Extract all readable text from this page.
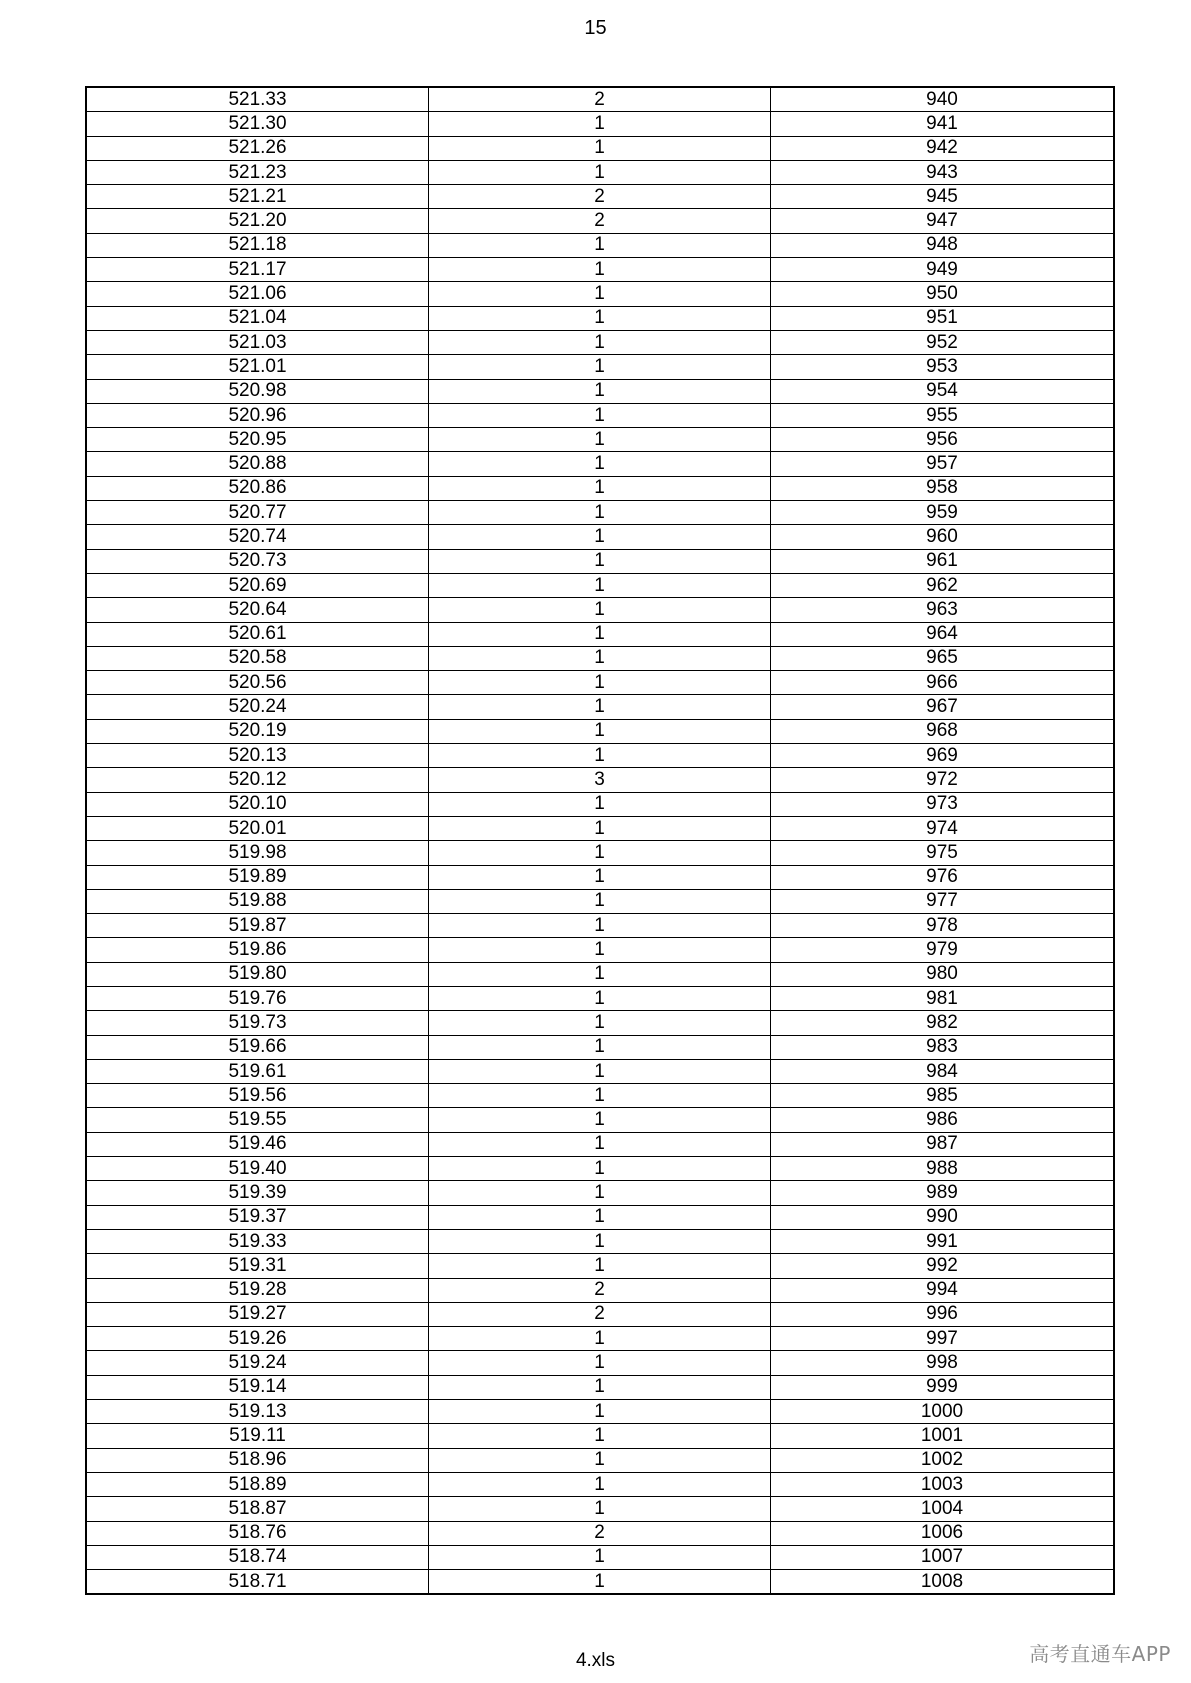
15
521.33	2	940
521.30	1	941
521.26	1	942
521.23	1	943
521.21	2	945
521.20	2	947
521.18	1	948
521.17	1	949
521.06	1	950
521.04	1	951
521.03	1	952
521.01	1	953
520.98	1	954
520.96	1	955
520.95	1	956
520.88	1	957
520.86	1	958
520.77	1	959
520.74	1	960
520.73	1	961
520.69	1	962
520.64	1	963
520.61	1	964
520.58	1	965
520.56	1	966
520.24	1	967
520.19	1	968
520.13	1	969
520.12	3	972
520.10	1	973
520.01	1	974
519.98	1	975
519.89	1	976
519.88	1	977
519.87	1	978
519.86	1	979
519.80	1	980
519.76	1	981
519.73	1	982
519.66	1	983
519.61	1	984
519.56	1	985
519.55	1	986
519.46	1	987
519.40	1	988
519.39	1	989
519.37	1	990
519.33	1	991
519.31	1	992
519.28	2	994
519.27	2	996
519.26	1	997
519.24	1	998
519.14	1	999
519.13	1	1000
519.11	1	1001
518.96	1	1002
518.89	1	1003
518.87	1	1004
518.76	2	1006
518.74	1	1007
518.71	1	1008
4.xls	高考直通车APP
